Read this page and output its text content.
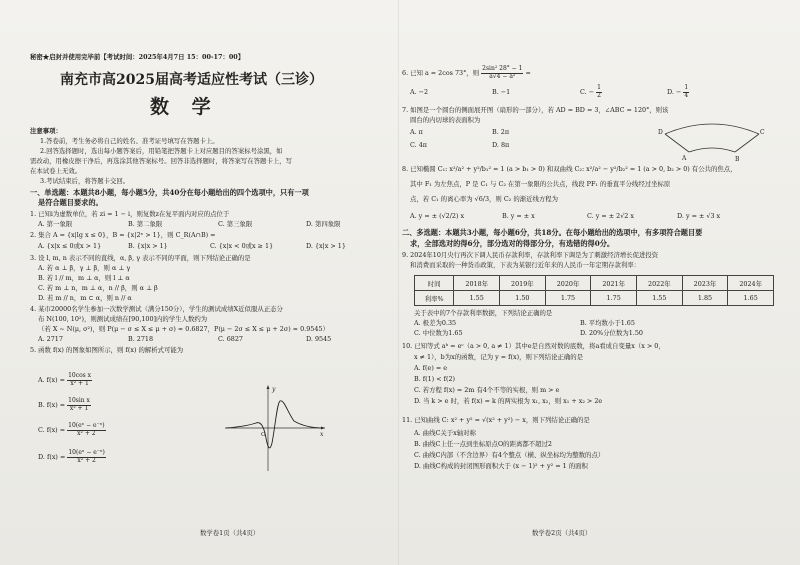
秘密★启封并使用完毕前【考试时间：2025年4月7日 15：00-17：00】
南充市高2025届高考适应性考试（三诊）
数 学
注意事项：
1.答卷前，考生务必将自己的姓名、准考证号填写在答题卡上。
2.回答选择题时，选出每小题答案后，用铅笔把答题卡上对应题目的答案标号涂黑，如
需改动，用橡皮擦干净后，再选涂其他答案标号。回答非选择题时，将答案写在答题卡上，写
在本试卷上无效。
3.考试结束后，将答题卡交回。
一、单选题：本题共8小题，每小题5分，共40分在每小题给出的四个选项中，只有一项
是符合题目要求的。
1. 已知i为虚数单位，若 zi = 1 − i，则复数z在复平面内对应的点位于
A. 第一象限	B. 第二象限	C. 第三象限	D. 第四象限
2. 集合 A = {x|lg x ≤ 0}，B = {x|2ˣ > 1}，则 C_R(A∩B) =
A. {x|x ≤ 0或x > 1}	B. {x|x > 1}	C. {x|x < 0或x ≥ 1}	D. {x|x > 1}
3. 设 l, m, n 表示不同的直线，α, β, γ 表示不同的平面，则下列结论正确的是
A. 若 α ⊥ β，γ ⊥ β，则 α ⊥ γ
B. 若 l // m，m ⊥ α，则 l ⊥ α
C. 若 m ⊥ n，m ⊥ α，n // β，则 α ⊥ β
D. 若 m // n，m ⊂ α，则 n // α
4. 某市20000名学生参加一次数学测试（满分150分），学生的测试成绩X近似服从正态分
布 N(100, 10²)，则测试成绩在[90,100]内的学生人数约为
（若 X ~ N(μ, σ²)，则 P(μ − σ ≤ X ≤ μ + σ) ≈ 0.6827，P(μ − 2σ ≤ X ≤ μ + 2σ) ≈ 0.9545）
A. 2717	B. 2718	C. 6827	D. 9545
5. 函数 f(x) 的图象如图所示，则 f(x) 的解析式可能为
A. $f(x) = \frac{\text{10cos x}}{\text{x² + 1}}$
B. $f(x) = \frac{\text{10sin x}}{\text{x² + 1}}$
C. $f(x) = \frac{\text{10(eˣ − e⁻ˣ)}}{\text{x² + 2}}$
D. $f(x) = \frac{\text{10(eˣ − e⁻ˣ)}}{\text{x² + 2}}$
y
x
O
数学卷1页（共4页）
6. 已知 a = 2cos 73°，则 $\frac{\text{2sin² 28° − 1}}{\text{a√4 − a²}}$ =
A. −2	B. −1	C. − $\frac{1}{2}$	D. − $\frac{1}{4}$
7. 如图是一个圆台的侧面展开图（扇形的一部分），若 AD = BD = 3，∠ABC = 120°，则该
圆台的内切球的表面积为
A. π	B. 2π
C. 4π	D. 8π
D
A	B
C
8. 已知椭圆 C₁: x²/a² + y²/b₁² = 1 (a > b₁ > 0) 和双曲线 C₂: x²/a² − y²/b₂² = 1 (a > 0, b₂ > 0) 有公共的焦点，
其中 F₁ 为左焦点，P 是 C₁ 与 C₂ 在第一象限的公共点，线段 PF₁ 的垂直平分线经过坐标原
点，若 C₁ 的离心率为 √6/3，则 C₂ 的渐近线方程为
A. y = ± (√2/2) x	B. y = ± x	C. y = ± 2√2 x	D. y = ± √3 x
二、多选题：本题共3小题，每小题6分，共18分。在每小题给出的选项中，有多项符合题目要
求，全部选对的得6分，部分选对的得部分分，有选错的得0分。
9. 2024年10月央行再次下调人民币存款利率，存款利率下调是为了刺激经济增长促进投资
和消费而采取的一种货币政策，下表为某银行近年来的人民币一年定期存款利率：
时间	2018年	2019年	2020年	2021年	2022年	2023年	2024年
利率%	1.55	1.50	1.75	1.75	1.55	1.85	1.65
关于表中的7个存款利率数据，下列结论正确的是
A. 极差为0.35	B. 平均数小于1.65
C. 中位数为1.65	D. 20%分位数为1.50
10. 已知等式 aᵇ = eᶜ（a > 0, a ≠ 1）其中e是自然对数的底数，将a看成自变量x（x > 0，
x ≠ 1），b为x的函数，记为 y = f(x)，则下列结论正确的是
A. f(e) = e
B. f(1) < f(2)
C. 若方程 f(x) = 2m 有4个不等的实根，则 m > e
D. 当 k > e 时，若 f(x) = k 的两实根为 x₁, x₂，则 x₁ + x₂ > 2e
11. 已知曲线 C: x² + y² = √(x² + y²) − x，则下列结论正确的是
A. 曲线C关于x轴对称
B. 曲线C上任一点到坐标原点O的距离都不超过2
C. 曲线C内部（不含边界）有4个整点（横、纵坐标均为整数的点）
D. 曲线C构成的封闭图形面积大于 (x − 1)² + y² = 1 的面积
数学卷2页（共4页）
